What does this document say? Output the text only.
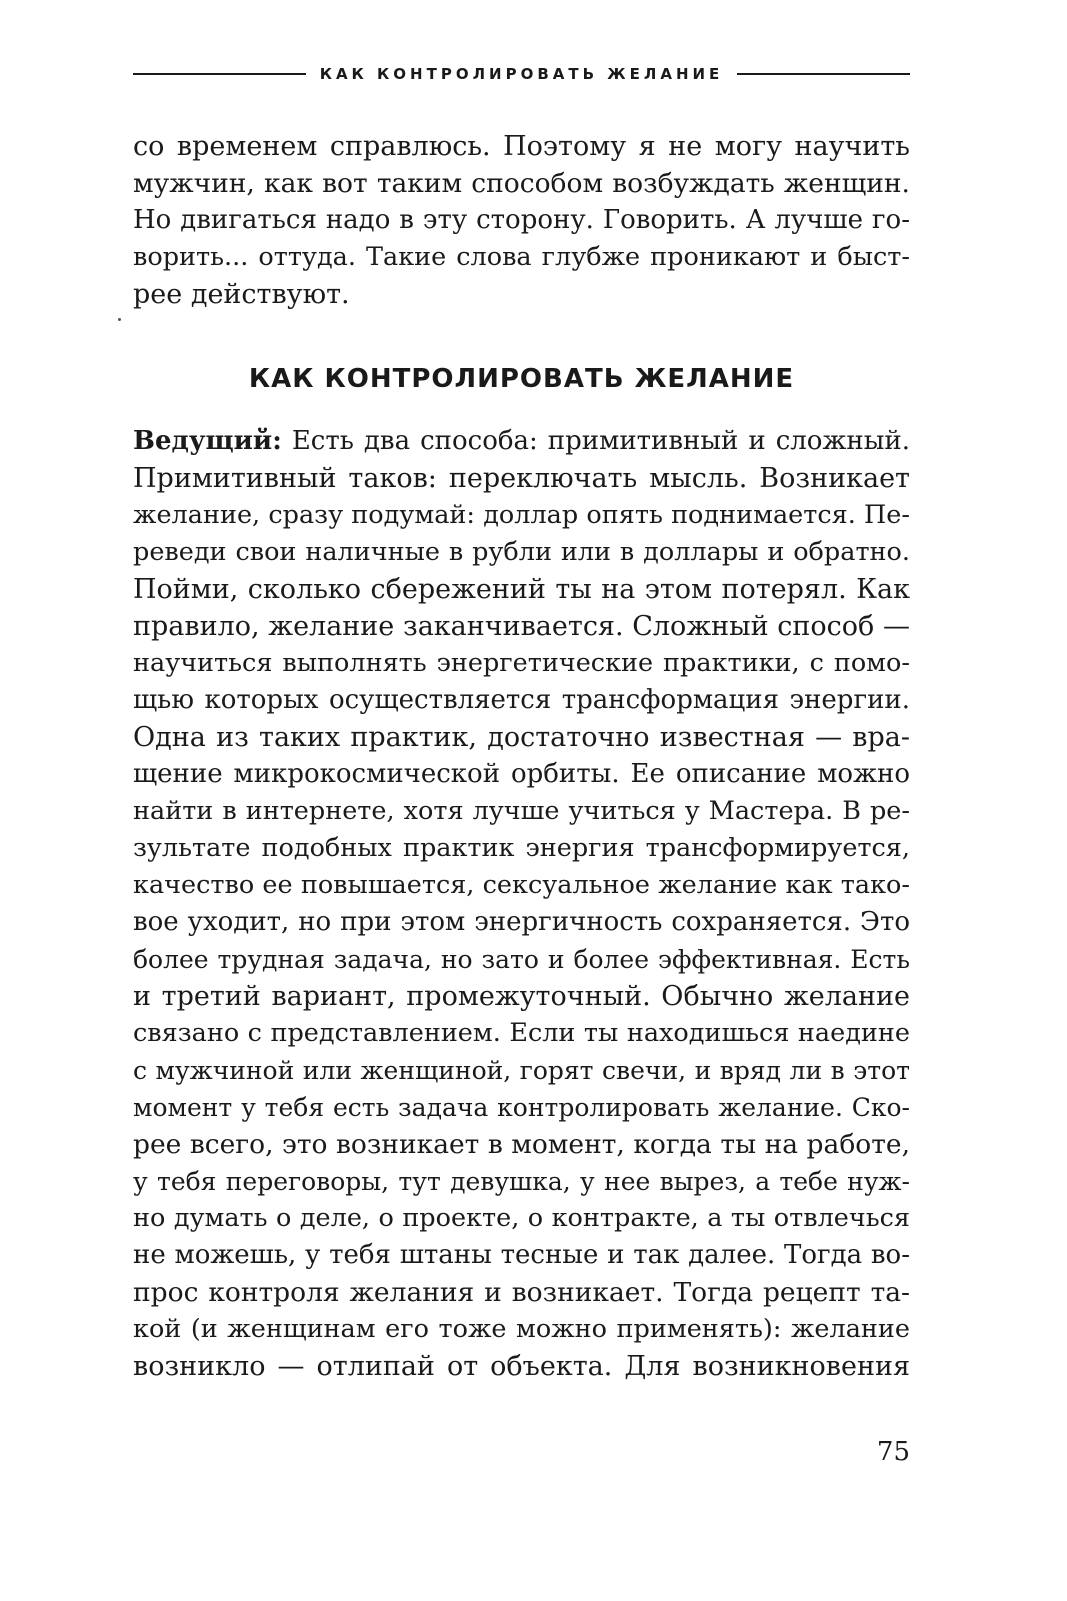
КАК КОНТРОЛИРОВАТЬ ЖЕЛАНИЕ
со временем справлюсь. Поэтому я не могу научить
мужчин, как вот таким способом возбуждать женщин.
Но двигаться надо в эту сторону. Говорить. А лучше го-
ворить... оттуда. Такие слова глубже проникают и быст-
рее действуют.
КАК КОНТРОЛИРОВАТЬ ЖЕЛАНИЕ
Ведущий: Есть два способа: примитивный и сложный.
Примитивный таков: переключать мысль. Возникает
желание, сразу подумай: доллар опять поднимается. Пе-
реведи свои наличные в рубли или в доллары и обратно.
Пойми, сколько сбережений ты на этом потерял. Как
правило, желание заканчивается. Сложный способ —
научиться выполнять энергетические практики, с помо-
щью которых осуществляется трансформация энергии.
Одна из таких практик, достаточно известная — вра-
щение микрокосмической орбиты. Ее описание можно
найти в интернете, хотя лучше учиться у Мастера. В ре-
зультате подобных практик энергия трансформируется,
качество ее повышается, сексуальное желание как тако-
вое уходит, но при этом энергичность сохраняется. Это
более трудная задача, но зато и более эффективная. Есть
и третий вариант, промежуточный. Обычно желание
связано с представлением. Если ты находишься наедине
с мужчиной или женщиной, горят свечи, и вряд ли в этот
момент у тебя есть задача контролировать желание. Ско-
рее всего, это возникает в момент, когда ты на работе,
у тебя переговоры, тут девушка, у нее вырез, а тебе нуж-
но думать о деле, о проекте, о контракте, а ты отвлечься
не можешь, у тебя штаны тесные и так далее. Тогда во-
прос контроля желания и возникает. Тогда рецепт та-
кой (и женщинам его тоже можно применять): желание
возникло — отлипай от объекта. Для возникновения
75
